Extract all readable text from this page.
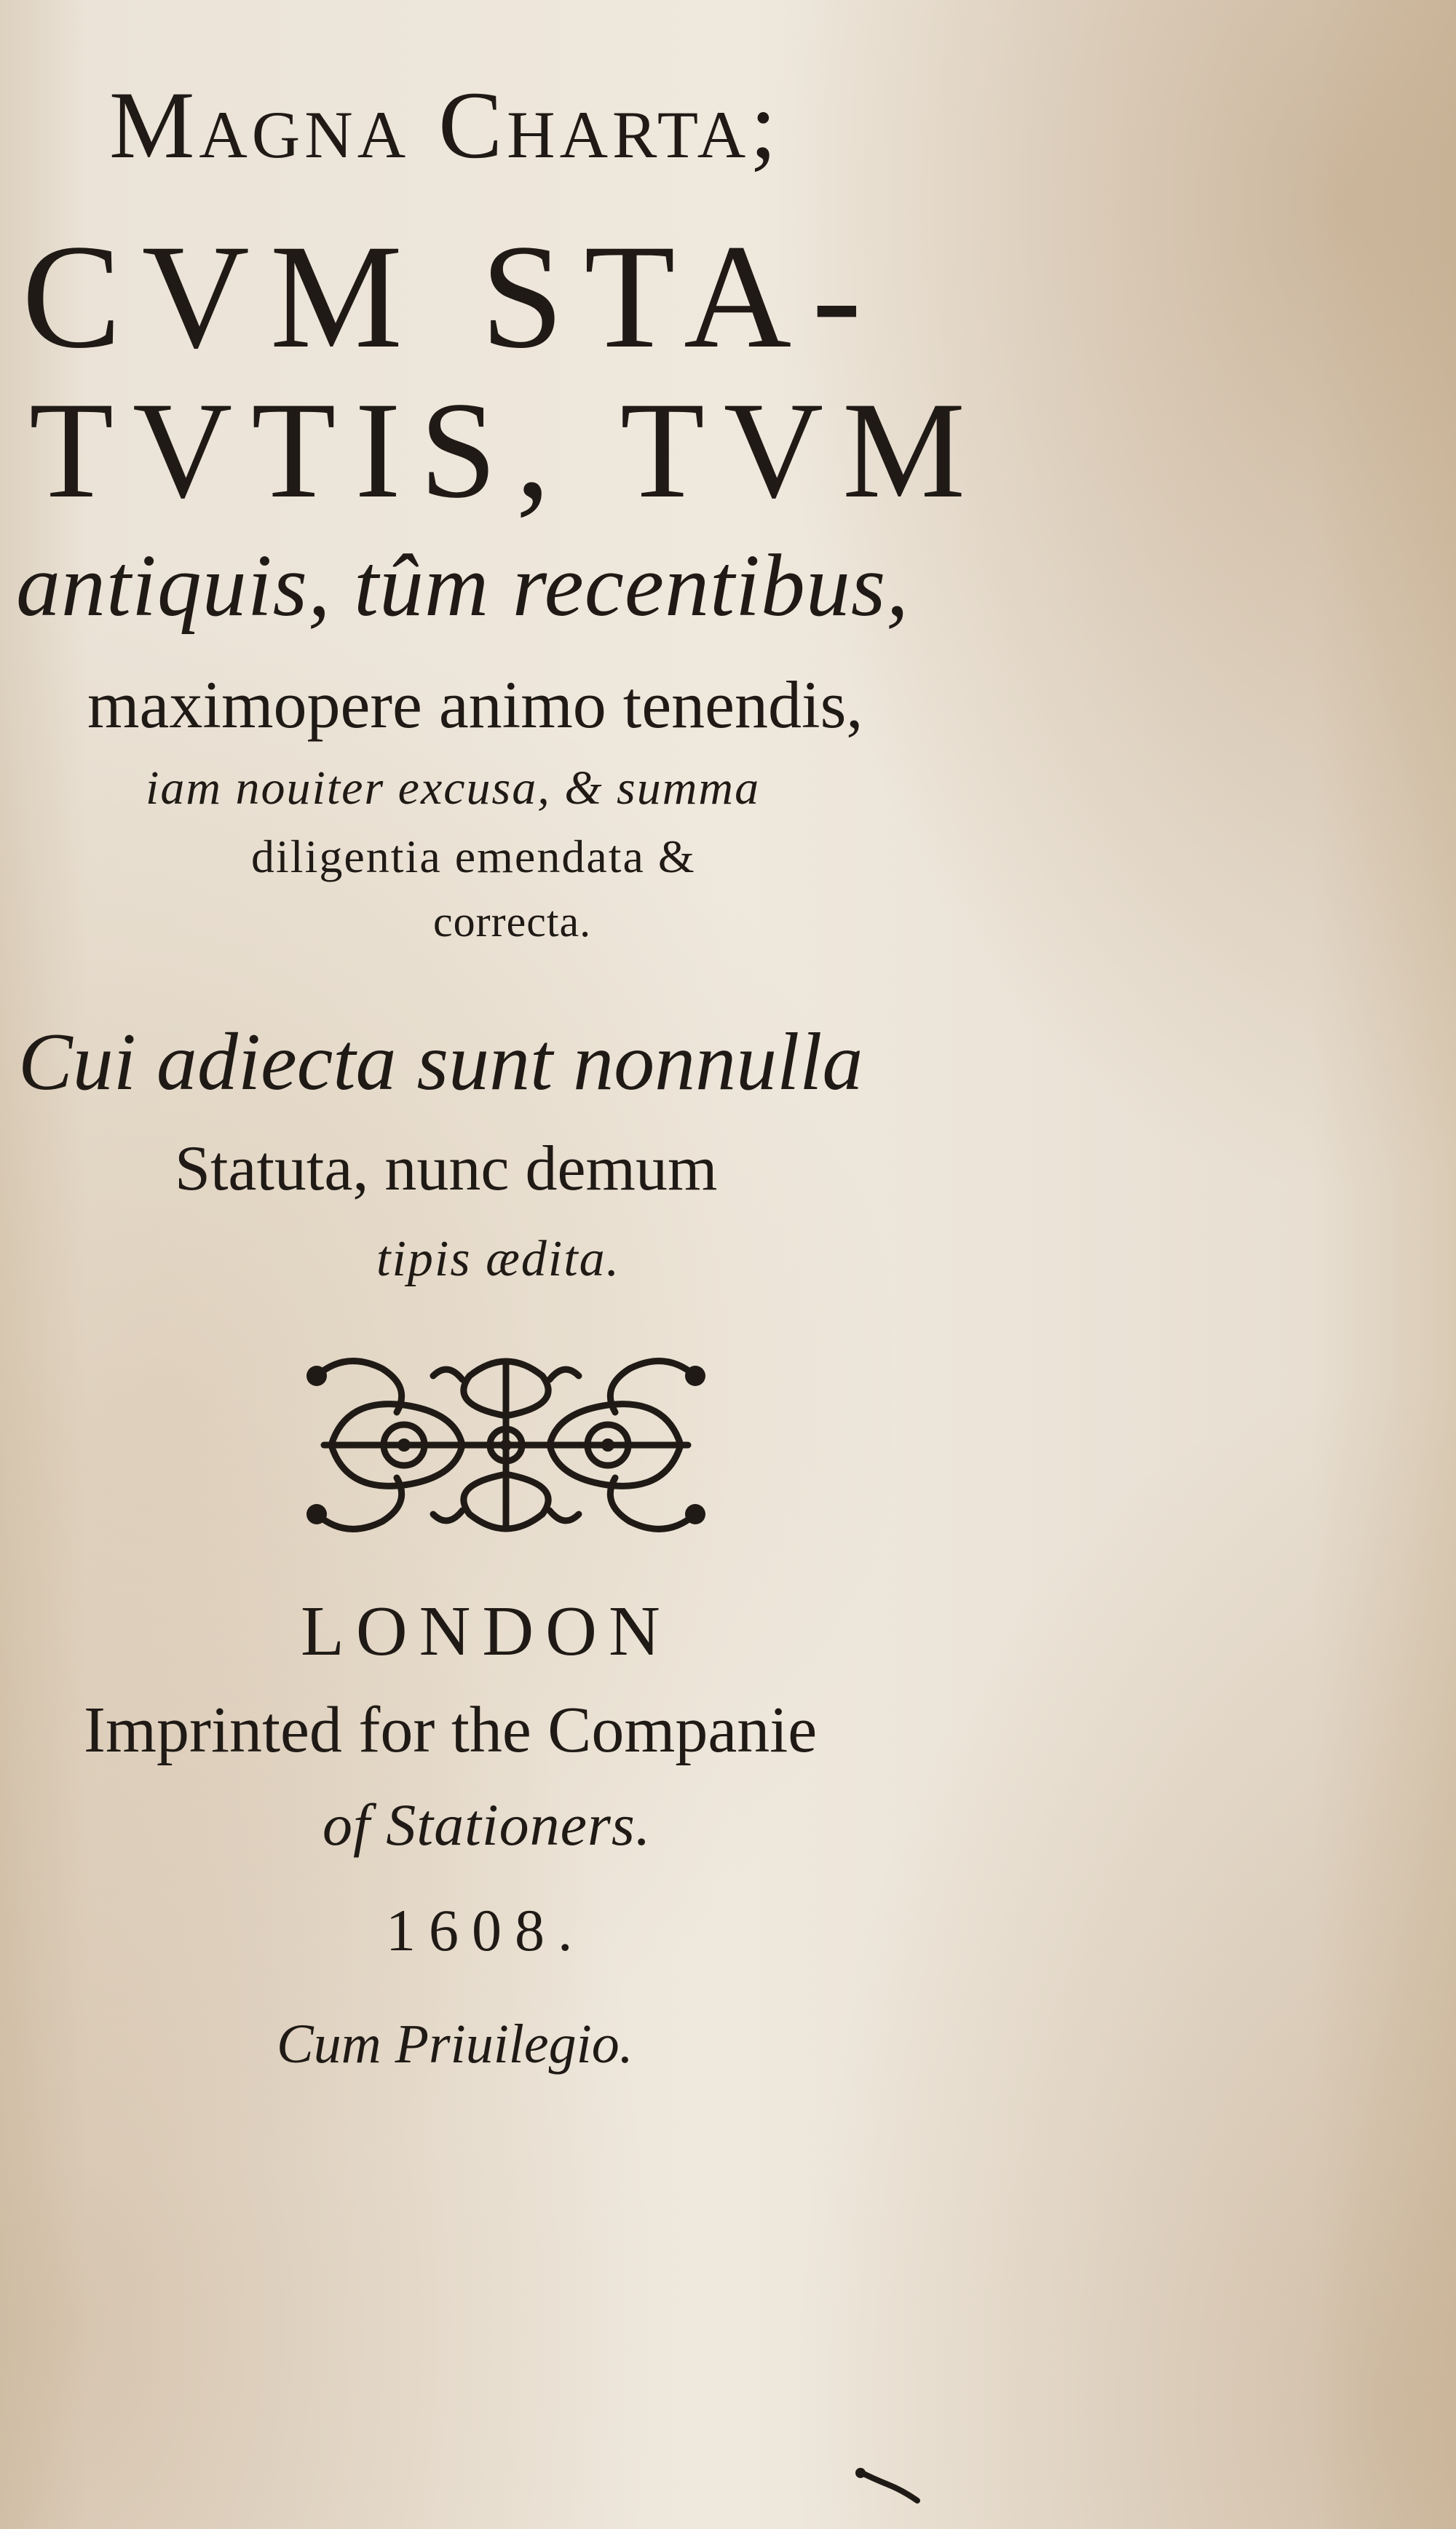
Magna Charta;
CVM STA-
TVTIS, TVM
antiquis, tûm recentibus,
maximopere animo tenendis,
iam nouiter excusa, & summa
diligentia emendata &
correcta.
Cui adiecta sunt nonnulla
Statuta, nunc demum
tipis ædita.
LONDON
Imprinted for the Companie
of Stationers.
1608.
Cum Priuilegio.
